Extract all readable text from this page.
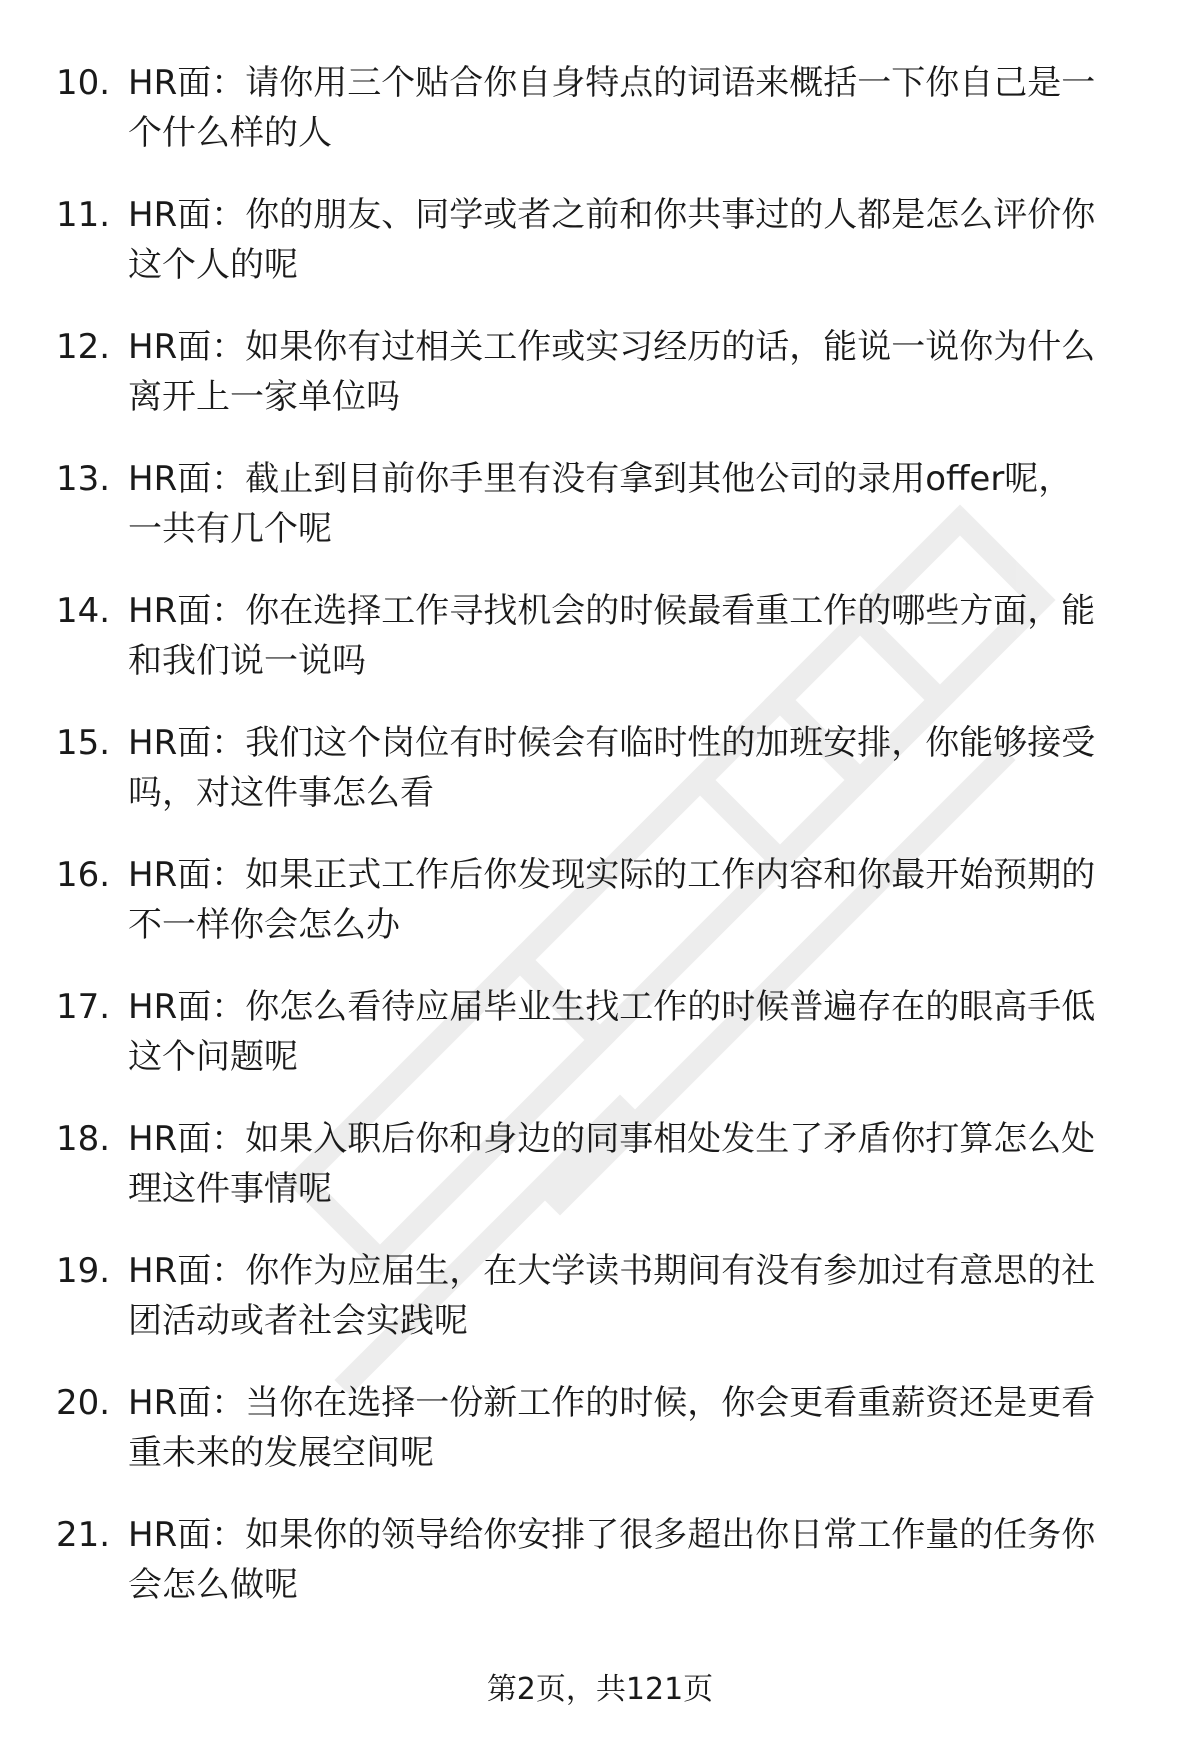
10. HR面：请你用三个贴合你自身特点的词语来概括一下你自己是一
个什么样的人
11. HR面：你的朋友、同学或者之前和你共事过的人都是怎么评价你
这个人的呢
12. HR面：如果你有过相关工作或实习经历的话，能说一说你为什么
离开上一家单位吗
13. HR面：截止到目前你手里有没有拿到其他公司的录用offer呢，
一共有几个呢
14. HR面：你在选择工作寻找机会的时候最看重工作的哪些方面，能
和我们说一说吗
15. HR面：我们这个岗位有时候会有临时性的加班安排，你能够接受
吗，对这件事怎么看
16. HR面：如果正式工作后你发现实际的工作内容和你最开始预期的
不一样你会怎么办
17. HR面：你怎么看待应届毕业生找工作的时候普遍存在的眼高手低
这个问题呢
18. HR面：如果入职后你和身边的同事相处发生了矛盾你打算怎么处
理这件事情呢
19. HR面：你作为应届生，在大学读书期间有没有参加过有意思的社
团活动或者社会实践呢
20. HR面：当你在选择一份新工作的时候，你会更看重薪资还是更看
重未来的发展空间呢
21. HR面：如果你的领导给你安排了很多超出你日常工作量的任务你
会怎么做呢
第2页，共121页
